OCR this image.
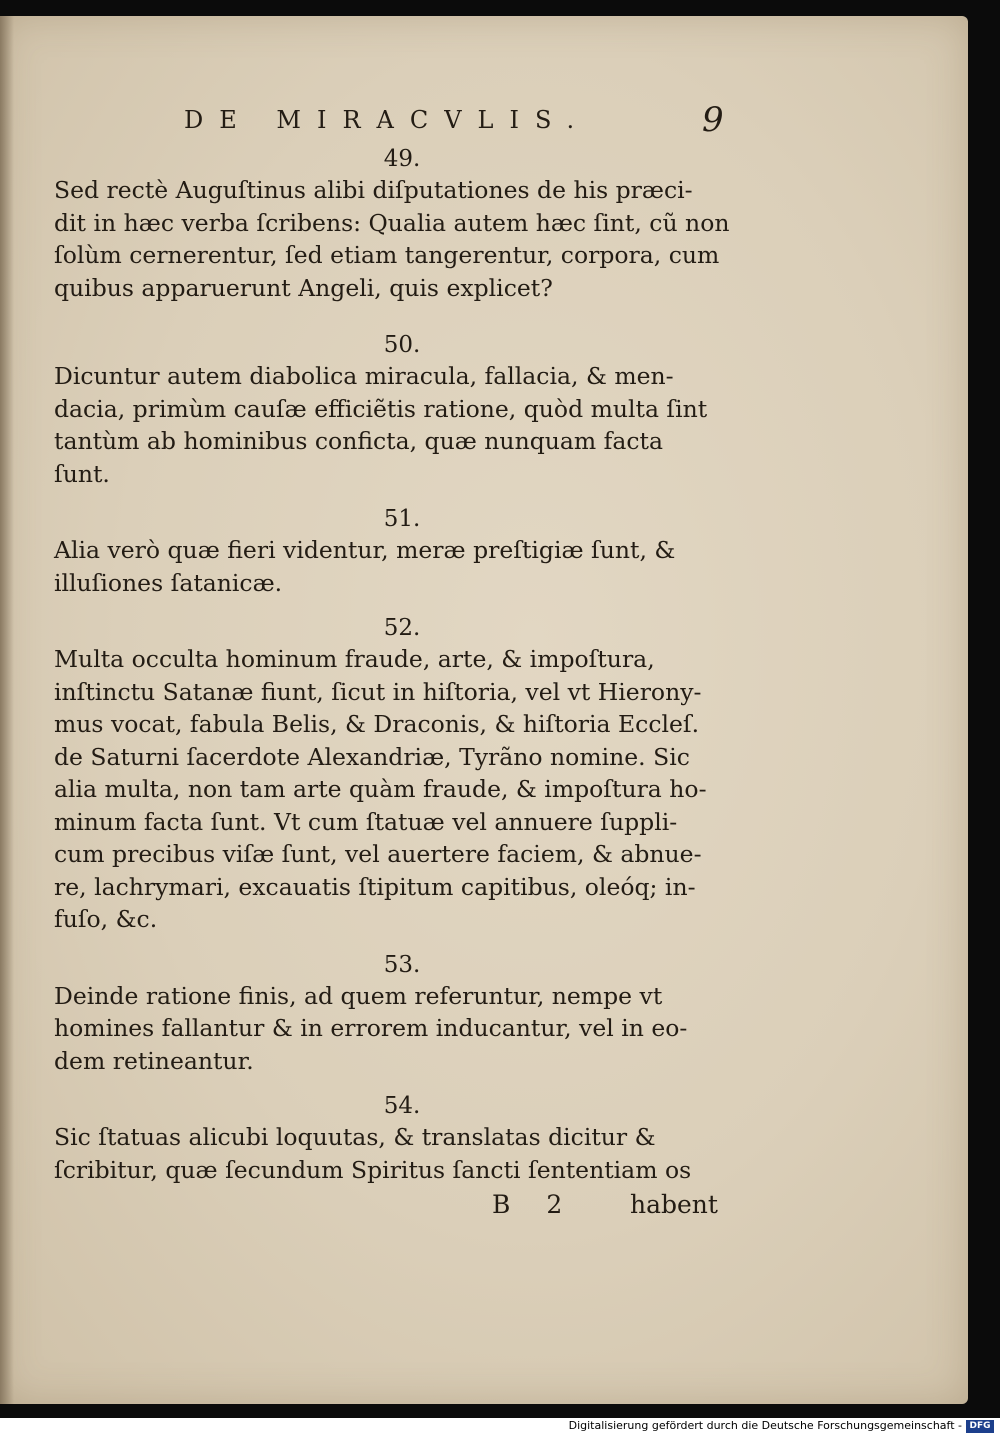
DE MIRACVLIS.	9
49.
Sed rectè Auguſtinus alibi diſputationes de his præci-
dit in hæc verba ſcribens: Qualia autem hæc ſint, cũ non
ſolùm cernerentur, ſed etiam tangerentur, corpora, cum
quibus apparuerunt Angeli, quis explicet?
50.
Dicuntur autem diabolica miracula, fallacia, & men-
dacia, primùm cauſæ efficiẽtis ratione, quòd multa ſint
tantùm ab hominibus conficta, quæ nunquam facta
ſunt.
51.
Alia verò quæ fieri videntur, meræ preſtigiæ ſunt, &
illuſiones ſatanicæ.
52.
Multa occulta hominum fraude, arte, & impoſtura,
inſtinctu Satanæ fiunt, ſicut in hiſtoria, vel vt Hierony-
mus vocat, fabula Belis, & Draconis, & hiſtoria Eccleſ.
de Saturni ſacerdote Alexandriæ, Tyrãno nomine. Sic
alia multa, non tam arte quàm fraude, & impoſtura ho-
minum facta ſunt. Vt cum ſtatuæ vel annuere ſuppli-
cum precibus viſæ ſunt, vel auertere faciem, & abnue-
re, lachrymari, excauatis ſtipitum capitibus, oleóq; in-
fuſo, &c.
53.
Deinde ratione finis, ad quem referuntur, nempe vt
homines fallantur & in errorem inducantur, vel in eo-
dem retineantur.
54.
Sic ſtatuas alicubi loquutas, & translatas dicitur &
ſcribitur, quæ ſecundum Spiritus ſancti ſententiam os
B 2 habent
Digitalisierung gefördert durch die Deutsche Forschungsgemeinschaft - DFG
